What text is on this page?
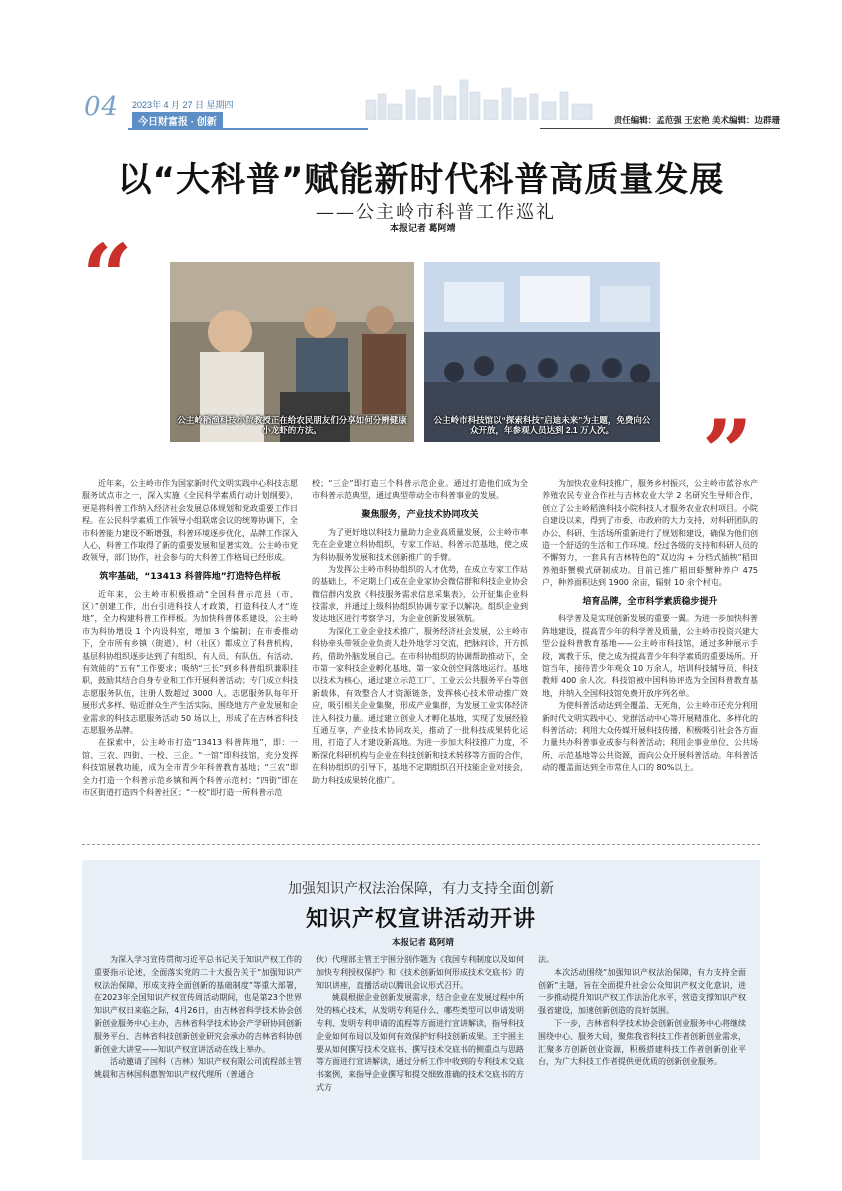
04 2023年 4 月 27 日 星期四
今日财富报 · 创新	责任编辑：孟范强 王宏艳 美术编辑：边群珊
以“大科普”赋能新时代科普高质量发展
——公主岭市科普工作巡礼
本报记者 葛阿靖
“
”
公主岭稻渔科技小院教授正在给农民朋友们分享如何分辨健康小龙虾的方法。
公主岭市科技馆以“探索科技”启迪未来”为主题，免费向公众开放，年参观人员达到 2.1 万人次。

近年来，公主岭市作为国家新时代文明实践中心科技志愿服务试点市之一，深入实施《全民科学素质行动计划纲要》，更是将科普工作纳入经济社会发展总体规划和党政重要工作日程。在公民科学素质工作领导小组联席会议的统筹协调下，全市科普能力建设不断增强，科普环境逐步优化，品牌工作深入人心，科普工作取得了新的重要发展和显著实效。公主岭市党政领导，部门协作，社会参与的大科普工作格局已经形成。

筑牢基础，“13413 科普阵地”打造特色样板

近年来，公主岭市积极推动“全国科普示范县（市、区）”创建工作，出台引进科技人才政策，打造科技人才“连地”，全力构建科普工作样板。为加快科普体系建设，公主岭市为科协增设 1 个内设科室，增加 3 个编制；在市委推动下，全市所有乡镇（街道）、村（社区）都成立了科普机构，基层科协组织逐步达到了有组织、有人员、有队伍、有活动、有效能的“五有”工作要求；吸纳“三长”到乡科普组织兼职挂职，鼓励其结合自身专业和工作开展科普活动；专门成立科技志愿服务队伍，注册人数超过 3000 人。志愿服务队每年开展形式多样、贴近群众生产生活实际、围绕地方产业发展和企业需求的科技志愿服务活动 50 场以上，形成了在吉林省科技志愿服务品牌。

在探索中，公主岭市打造“13413 科普阵地”，即：一馆、三农、四街、一校、三企。“一馆”即科技馆，充分发挥科技馆展教功能，成为全市青少年科普教育基地；“三农”即全力打造一个科普示范乡镇和两个科普示范村；“四街”即在市区街道打造四个科普社区；“一校”即打造一所科普示范

校；“三企”即打造三个科普示范企业。通过打造他们成为全市科普示范典型，通过典型带动全市科普事业的发展。

聚焦服务，产业技术协同攻关

为了更好地以科技力量助力企业高质量发展，公主岭市率先在企业建立科协组织，专家工作站、科普示范基地，使之成为科协服务发展和技术创新推广的手臂。

为发挥公主岭市科协组织的人才优势，在成立专家工作站的基础上，不定期上门或在企业家协会微信群和科技企业协会微信群内发放《科技服务需求信息采集表》，公开征集企业科技需求，并通过上级科协组织协调专家予以解决。组织企业到发达地区进行考察学习，为企业创新发展领航。

为深化工业企业技术推广，服务经济社会发展，公主岭市科协牵头带领企业负责人赴外地学习交流，把脉问诊，开方抓药，借助外脑发展自己。在市科协组织的协调帮助推动下，全市第一家科技企业孵化基地、第一家众创空间落地运行。基地以技术为核心，通过建立示范工厂、工业云公共服务平台等创新载体，有效整合人才资源链条，发挥核心技术带动推广效应，吸引相关企业集聚，形成产业集群，为发展工业实体经济注入科技力量。通过建立创业人才孵化基地，实现了发展经验互通互享，产业技术协同攻关，推动了一批科技成果转化运用，打造了人才建设新高地。为进一步加大科技推广力度，不断深化科研机构与企业在科技创新和技术转移等方面的合作，在科协组织的引导下，基地不定期组织召开技能企业对接会，助力科技成果转化推广。

为加快农业科技推广，服务乡村振兴，公主岭市蓝谷水产养殖农民专业合作社与吉林农业大学 2 名研究生导师合作，创立了公主岭稻渔科技小院科技人才服务农业农村项目。小院自建设以来，得到了市委、市政府的大力支持，对科研团队的办公、科研、生活场所重新进行了规划和建设，确保为他们创造一个舒适的生活和工作环境。经过各级的支持和科研人员的不懈努力，一套具有吉林特色的“双边沟 + 分档式插秧”稻田养殖虾蟹模式研制成功。目前已推广稻田虾蟹种养户 475 户，种养面积达到 1900 余亩，辐射 10 余个村屯。

培育品牌，全市科学素质稳步提升

科学普及是实现创新发展的重要一翼。为进一步加快科普阵地建设，提高青少年的科学普及质量，公主岭市投资兴建大型公益科普教育基地——公主岭市科技馆，通过多种展示手段，寓教于乐，使之成为提高青少年科学素质的重要场所。开馆当年，接待青少年观众 10 万余人，培训科技辅导员、科技教师 400 余人次。科技馆被中国科协评选为全国科普教育基地，并纳入全国科技馆免费开放序列名单。

为使科普活动达到全覆盖、无死角，公主岭市还充分利用新时代文明实践中心、党群活动中心等开展精准化、多样化的科普活动；利用大众传媒开展科技传播，积极吸引社会各方面力量共办科普事业或参与科普活动；利用企事业单位、公共场所、示范基地等公共资源，面向公众开展科普活动。年科普活动的覆盖面达到全市常住人口的 80%以上。

加强知识产权法治保障，有力支持全面创新
知识产权宣讲活动开讲
本报记者 葛阿靖

为深入学习宣传贯彻习近平总书记关于知识产权工作的重要指示论述，全面落实党的二十大报告关于“加强知识产权法治保障，形成支持全面创新的基础制度”等重大部署，在2023年全国知识产权宣传周活动期间，也是第23个世界知识产权日来临之际，4月26日，由吉林省科学技术协会创新创业服务中心主办，吉林省科学技术协会产学研协同创新服务平台、吉林省科技创新创业研究会承办的吉林省科协创新创业大讲堂——知识产权宣讲活动在线上举办。

活动邀请了国科（吉林）知识产权有限公司流程部主管姚晨和吉林国科惠智知识产权代理所（普通合

伙）代理部主管王宇围分别作题为《我国专利制度以及如何加快专利授权保护》和《技术创新如何形成技术交底书》的知识讲座，直播活动以腾讯会议形式召开。

姚晨根据企业创新发展需求，结合企业在发展过程中所处的核心技术，从发明专利是什么、哪些类型可以申请发明专利、发明专利申请的流程等方面进行宣讲解读，指导科技企业如何布局以及如何有效保护好科技创新成果。王宇围主要从如何撰写技术交底书、撰写技术交底书的侧重点与思路等方面进行宣讲解读，通过分析工作中收到的专利技术交底书案例，来指导企业撰写和提交细致准确的技术交底书的方式方

法。

本次活动围绕“加强知识产权法治保障，有力支持全面创新”主题，旨在全面提升社会公众知识产权文化意识，进一步推动提升知识产权工作法治化水平，营造支撑知识产权强省建设，加速创新创造的良好氛围。

下一步，吉林省科学技术协会创新创业服务中心将继续围绕中心、服务大局，聚焦我省科技工作者创新创业需求，汇聚多方创新创业资源，积极搭建科技工作者创新创业平台，为广大科技工作者提供更优质的创新创业服务。
